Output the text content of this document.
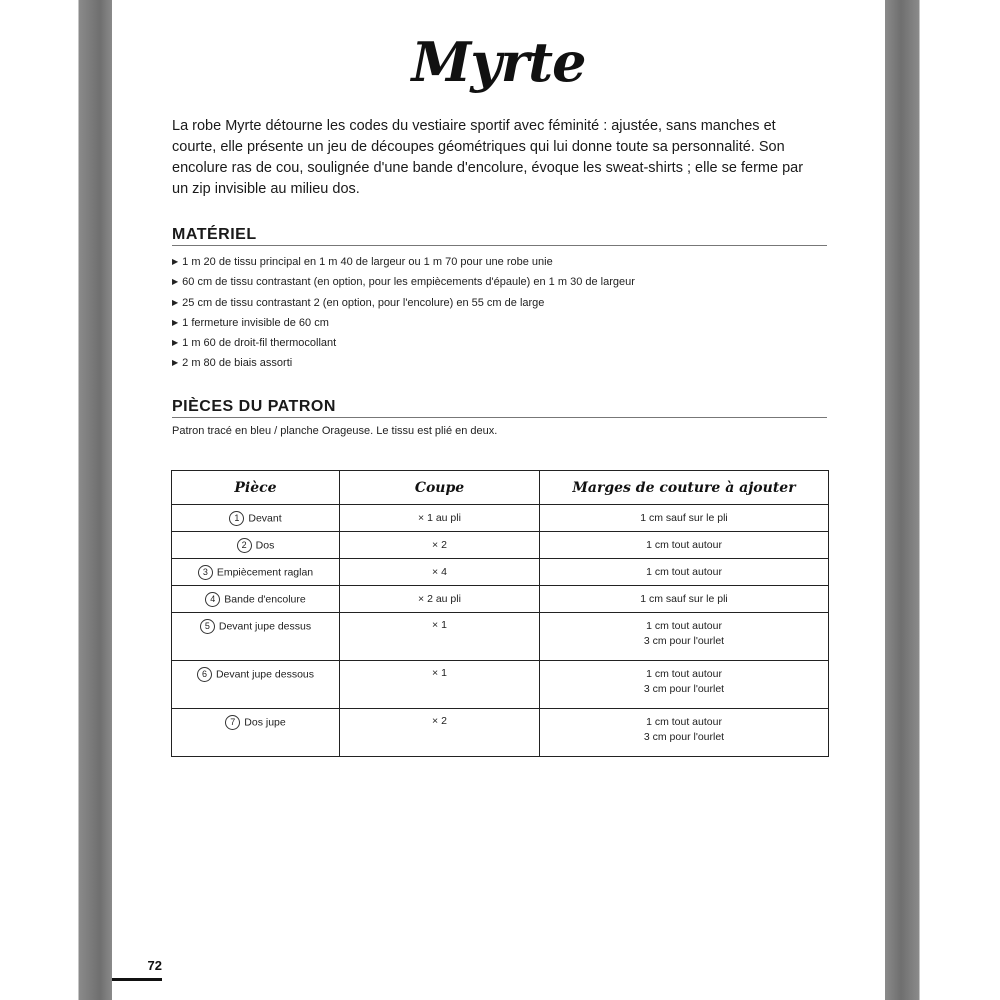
Myrte

La robe Myrte détourne les codes du vestiaire sportif avec féminité : ajustée, sans manches et courte, elle présente un jeu de découpes géométriques qui lui donne toute sa personnalité. Son encolure ras de cou, soulignée d'une bande d'encolure, évoque les sweat-shirts ; elle se ferme par un zip invisible au milieu dos.

MATÉRIEL
▶ 1 m 20 de tissu principal en 1 m 40 de largeur ou 1 m 70 pour une robe unie
▶ 60 cm de tissu contrastant (en option, pour les empiècements d'épaule) en 1 m 30 de largeur
▶ 25 cm de tissu contrastant 2 (en option, pour l'encolure) en 55 cm de large
▶ 1 fermeture invisible de 60 cm
▶ 1 m 60 de droit-fil thermocollant
▶ 2 m 80 de biais assorti
PIÈCES DU PATRON
Patron tracé en bleu / planche Orageuse. Le tissu est plié en deux.
Pièce	Coupe	Marges de couture à ajouter
1 Devant	× 1 au pli	1 cm sauf sur le pli

2 Dos	× 2	1 cm tout autour

3 Empiècement raglan	× 4	1 cm tout autour

4 Bande d'encolure	× 2 au pli	1 cm sauf sur le pli

5 Devant jupe dessus	× 1	1 cm tout autour
3 cm pour l'ourlet

6 Devant jupe dessous	× 1	1 cm tout autour
3 cm pour l'ourlet

7 Dos jupe	× 2	1 cm tout autour
3 cm pour l'ourlet
72
